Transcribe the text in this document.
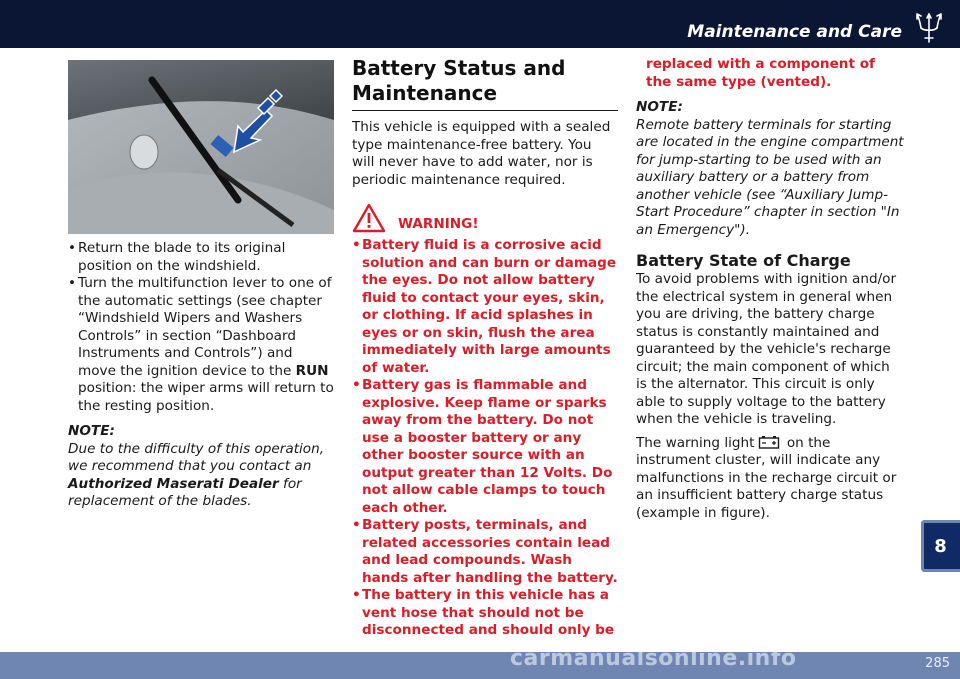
Maintenance and Care
• Return the blade to its original position on the windshield.
• Turn the multifunction lever to one of the automatic settings (see chapter “Windshield Wipers and Washers Controls” in section “Dashboard Instruments and Controls”) and move the ignition device to the RUN position: the wiper arms will return to the resting position.
NOTE:
Due to the difficulty of this operation, we recommend that you contact an Authorized Maserati Dealer for replacement of the blades.
Battery Status and Maintenance

This vehicle is equipped with a sealed type maintenance-free battery. You will never have to add water, nor is periodic maintenance required.

WARNING!
• Battery fluid is a corrosive acid solution and can burn or damage the eyes. Do not allow battery fluid to contact your eyes, skin, or clothing. If acid splashes in eyes or on skin, flush the area immediately with large amounts of water.
• Battery gas is flammable and explosive. Keep flame or sparks away from the battery. Do not use a booster battery or any other booster source with an output greater than 12 Volts. Do not allow cable clamps to touch each other.
• Battery posts, terminals, and related accessories contain lead and lead compounds. Wash hands after handling the battery.
• The battery in this vehicle has a vent hose that should not be disconnected and should only be
replaced with a component of the same type (vented).
NOTE:
Remote battery terminals for starting are located in the engine compartment for jump-starting to be used with an auxiliary battery or a battery from another vehicle (see “Auxiliary Jump-Start Procedure” chapter in section "In an Emergency").
Battery State of Charge

To avoid problems with ignition and/or the electrical system in general when you are driving, the battery charge status is constantly maintained and guaranteed by the vehicle's recharge circuit; the main component of which is the alternator. This circuit is only able to supply voltage to the battery when the vehicle is traveling.

The warning light on the instrument cluster, will indicate any malfunctions in the recharge circuit or an insufficient battery charge status (example in figure).

8
285
carmanualsonline.info
